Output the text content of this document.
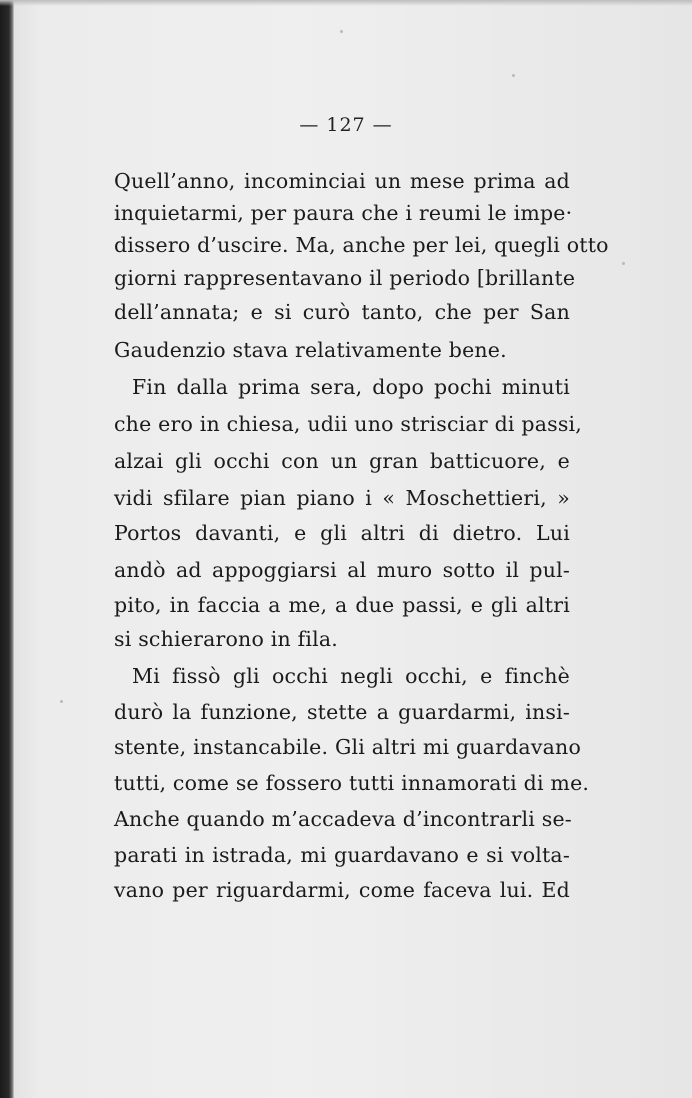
— 127 —
Quell’anno, incominciai un mese prima ad
inquietarmi, per paura che i reumi le impe·
dissero d’uscire. Ma, anche per lei, quegli otto
giorni rappresentavano il periodo [brillante
dell’annata; e si curò tanto, che per San
Gaudenzio stava relativamente bene.
Fin dalla prima sera, dopo pochi minuti
che ero in chiesa, udii uno strisciar di passi,
alzai gli occhi con un gran batticuore, e
vidi sfilare pian piano i « Moschettieri, »
Portos davanti, e gli altri di dietro. Lui
andò ad appoggiarsi al muro sotto il pul-
pito, in faccia a me, a due passi, e gli altri
si schierarono in fila.
Mi fissò gli occhi negli occhi, e finchè
durò la funzione, stette a guardarmi, insi-
stente, instancabile. Gli altri mi guardavano
tutti, come se fossero tutti innamorati di me.
Anche quando m’accadeva d’incontrarli se-
parati in istrada, mi guardavano e si volta-
vano per riguardarmi, come faceva lui. Ed
